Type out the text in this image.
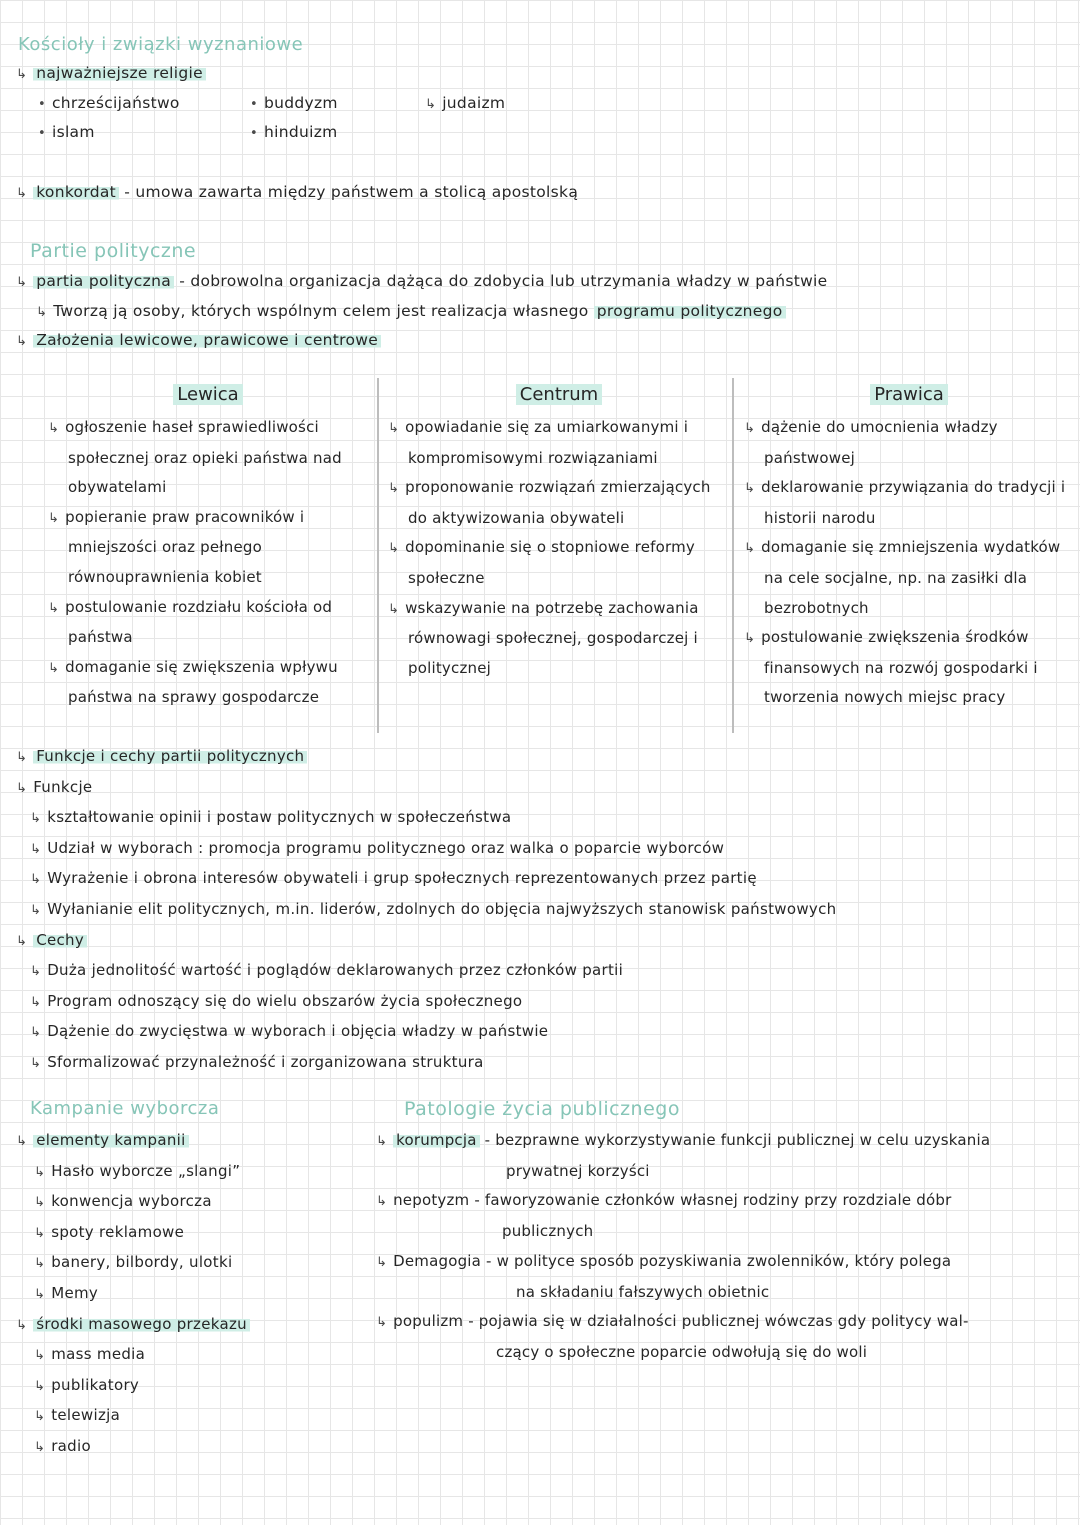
Kościoły i związki wyznaniowe
↳ najważniejsze religie
• chrześcijaństwo
• islam
• buddyzm
• hinduizm
↳ judaizm
↳ konkordat - umowa zawarta między państwem a stolicą apostolską
Partie polityczne
↳ partia polityczna - dobrowolna organizacja dążąca do zdobycia lub utrzymania władzy w państwie
↳ Tworzą ją osoby, których wspólnym celem jest realizacja własnego programu politycznego
↳ Założenia lewicowe, prawicowe i centrowe
Lewica
↳ ogłoszenie haseł sprawiedliwości społecznej oraz opieki państwa nad obywatelami
↳ popieranie praw pracowników i mniejszości oraz pełnego równouprawnienia kobiet
↳ postulowanie rozdziału kościoła od państwa
↳ domaganie się zwiększenia wpływu państwa na sprawy gospodarcze
Centrum
↳ opowiadanie się za umiarkowanymi i kompromisowymi rozwiązaniami
↳ proponowanie rozwiązań zmierzających do aktywizowania obywateli
↳ dopominanie się o stopniowe reformy społeczne
↳ wskazywanie na potrzebę zachowania równowagi społecznej, gospodarczej i politycznej
Prawica
↳ dążenie do umocnienia władzy państwowej
↳ deklarowanie przywiązania do tradycji i historii narodu
↳ domaganie się zmniejszenia wydatków na cele socjalne, np. na zasiłki dla bezrobotnych
↳ postulowanie zwiększenia środków finansowych na rozwój gospodarki i tworzenia nowych miejsc pracy
↳ Funkcje i cechy partii politycznych
↳ Funkcje
↳ kształtowanie opinii i postaw politycznych w społeczeństwa
↳ Udział w wyborach : promocja programu politycznego oraz walka o poparcie wyborców
↳ Wyrażenie i obrona interesów obywateli i grup społecznych reprezentowanych przez partię
↳ Wyłanianie elit politycznych, m.in. liderów, zdolnych do objęcia najwyższych stanowisk państwowych
↳ Cechy
↳ Duża jednolitość wartość i poglądów deklarowanych przez członków partii
↳ Program odnoszący się do wielu obszarów życia społecznego
↳ Dążenie do zwycięstwa w wyborach i objęcia władzy w państwie
↳ Sformalizować przynależność i zorganizowana struktura
Kampanie wyborcza
↳ elementy kampanii
↳ Hasło wyborcze „slangi”
↳ konwencja wyborcza
↳ spoty reklamowe
↳ banery, bilbordy, ulotki
↳ Memy
↳ środki masowego przekazu
↳ mass media
↳ publikatory
↳ telewizja
↳ radio
Patologie życia publicznego
↳ korumpcja - bezprawne wykorzystywanie funkcji publicznej w celu uzyskania
prywatnej korzyści
↳ nepotyzm - faworyzowanie członków własnej rodziny przy rozdziale dóbr
publicznych
↳ Demagogia - w polityce sposób pozyskiwania zwolenników, który polega
na składaniu fałszywych obietnic
↳ populizm - pojawia się w działalności publicznej wówczas gdy politycy wal-
czący o społeczne poparcie odwołują się do woli
